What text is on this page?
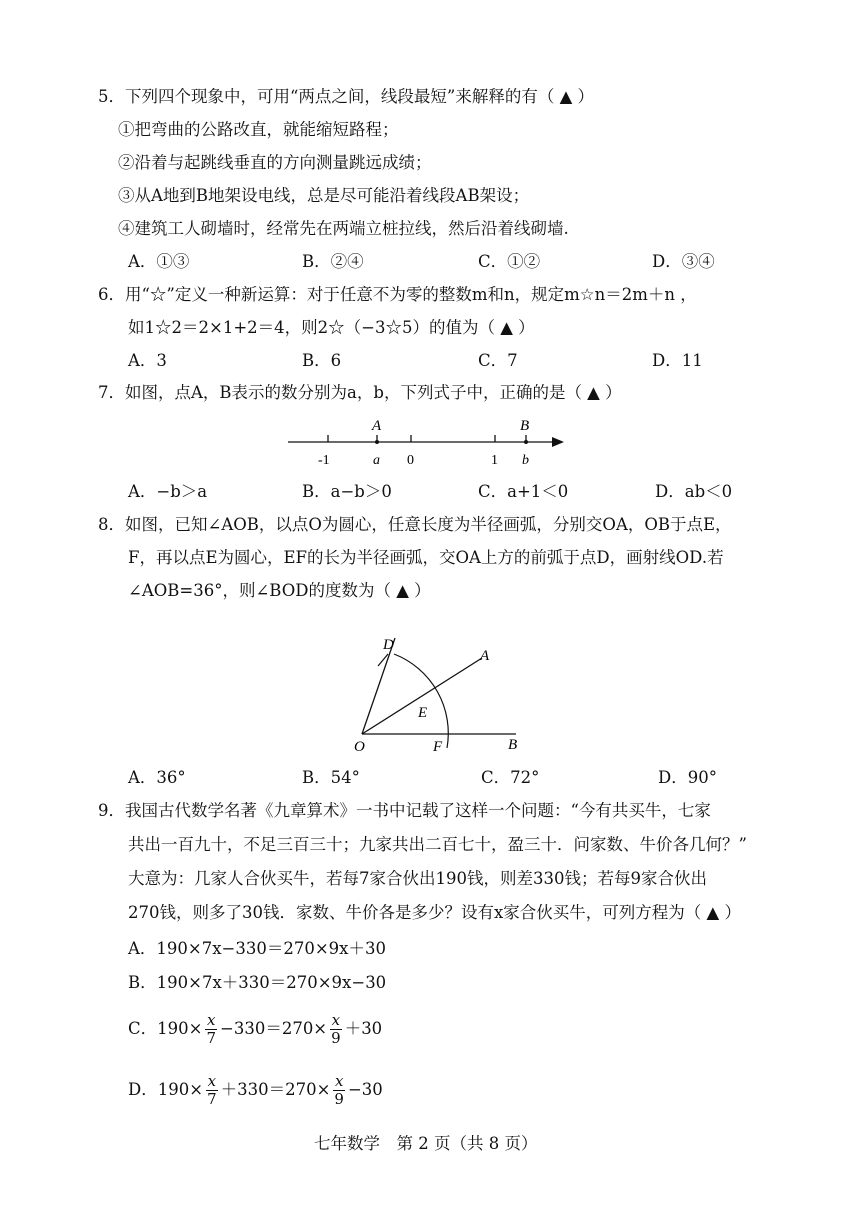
5．下列四个现象中，可用“两点之间，线段最短”来解释的有（ ▲ ）
①把弯曲的公路改直，就能缩短路程；
②沿着与起跳线垂直的方向测量跳远成绩；
③从A地到B地架设电线，总是尽可能沿着线段AB架设；
④建筑工人砌墙时，经常先在两端立桩拉线，然后沿着线砌墙.
A．①③	B．②④	C．①②	D．③④
6．用“☆”定义一种新运算：对于任意不为零的整数m和n，规定m☆n＝2m＋n ，
如1☆2＝2×1+2＝4，则2☆（−3☆5）的值为（ ▲ ）
A．3	B．6	C．7	D．11
7．如图，点A，B表示的数分别为a，b，下列式子中，正确的是（ ▲ ）
A	B
-1	a 0	1 b
A．−b＞a	B．a−b＞0	C．a+1＜0	D．ab＜0
8．如图，已知∠AOB，以点O为圆心，任意长度为半径画弧，分别交OA，OB于点E，
F，再以点E为圆心，EF的长为半径画弧，交OA上方的前弧于点D，画射线OD.若
∠AOB=36°，则∠BOD的度数为（ ▲ ）
D
A
E
O	F	B
A．36°	B．54°	C．72°	D．90°
9．我国古代数学名著《九章算术》一书中记载了这样一个问题：“今有共买牛，七家
共出一百九十，不足三百三十；九家共出二百七十，盈三十．问家数、牛价各几何？”
大意为：几家人合伙买牛，若每7家合伙出190钱，则差330钱；若每9家合伙出
270钱，则多了30钱．家数、牛价各是多少？设有x家合伙买牛，可列方程为（ ▲ ）
A．190×7x−330＝270×9x＋30
B．190×7x＋330＝270×9x−30
C．$190\times \frac{x}{7} -330=270\times \frac{x}{9} +30$
D．$190\times \frac{x}{7} +330=270\times \frac{x}{9} -30$
七年数学　第 2 页（共 8 页）
